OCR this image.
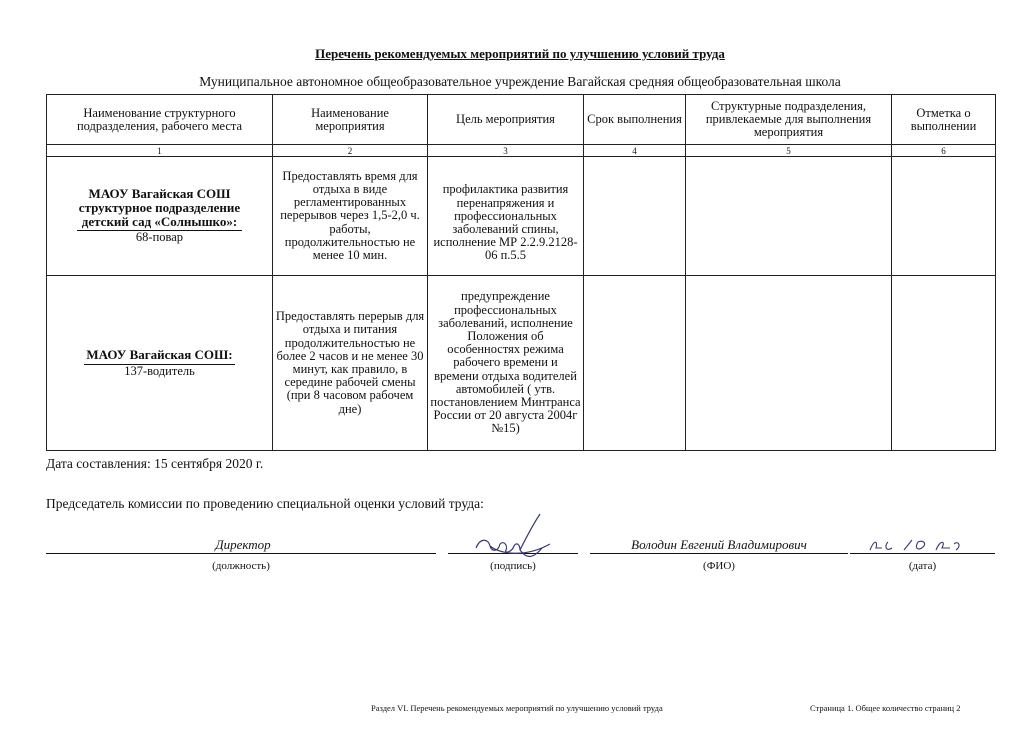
Перечень рекомендуемых мероприятий по улучшению условий труда
Муниципальное автономное общеобразовательное учреждение Вагайская средняя общеобразовательная школа
Наименование структурного подразделения, рабочего места	Наименование мероприятия	Цель мероприятия	Срок выполнения	Структурные подразделения, привлекаемые для выполнения мероприятия	Отметка о выполнении
1	2	3	4	5	6
МАОУ Вагайская СОШ
структурное подразделение
детский сад «Солнышко»:
68-повар	Предоставлять время для отдыха в виде регламентированных перерывов через 1,5-2,0 ч. работы, продолжительностью не менее 10 мин.	профилактика развития перенапряжения и профессиональных заболеваний спины, исполнение МР 2.2.9.2128-06 п.5.5			
МАОУ Вагайская СОШ:
137-водитель	Предоставлять перерыв для отдыха и питания продолжительностью не более 2 часов и не менее 30 минут, как правило, в середине рабочей смены (при 8 часовом рабочем дне)	предупреждение профессиональных заболеваний, исполнение Положения об особенностях режима рабочего времени и времени отдыха водителей автомобилей ( утв. постановлением Минтранса России от 20 августа 2004г №15)			
Дата составления: 15 сентября 2020 г.
Председатель комиссии по проведению специальной оценки условий труда:
Директор	Володин Евгений Владимирович
(должность)	(подпись)	(ФИО)	(дата)
Раздел VI. Перечень рекомендуемых мероприятий по улучшению условий труда	Страница 1. Общее количество страниц 2
